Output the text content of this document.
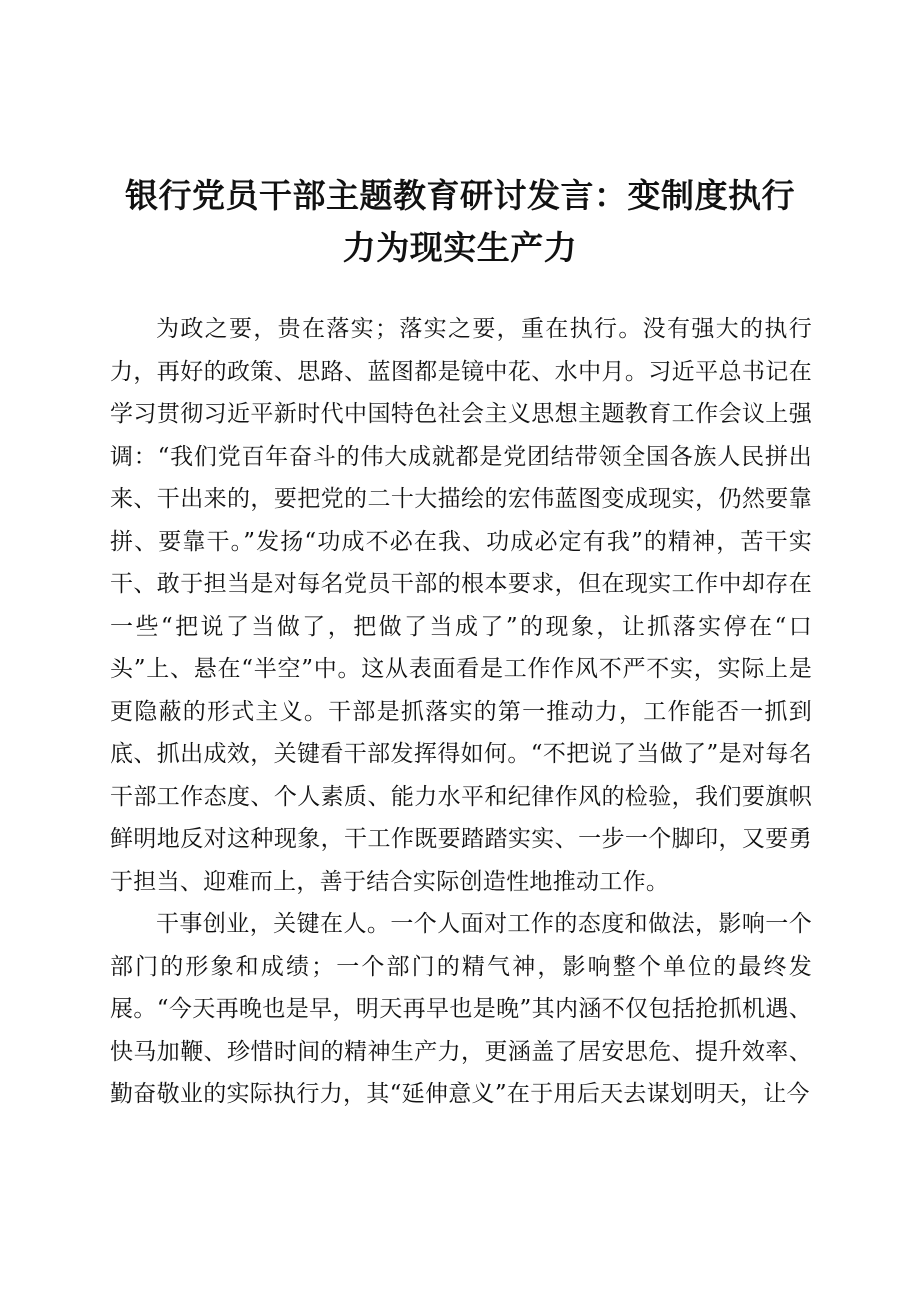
银行党员干部主题教育研讨发言：变制度执行
力为现实生产力

为政之要，贵在落实；落实之要，重在执行。没有强大的执行力，再好的政策、思路、蓝图都是镜中花、水中月。习近平总书记在学习贯彻习近平新时代中国特色社会主义思想主题教育工作会议上强调：“我们党百年奋斗的伟大成就都是党团结带领全国各族人民拼出来、干出来的，要把党的二十大描绘的宏伟蓝图变成现实，仍然要靠拼、要靠干。”发扬“功成不必在我、功成必定有我”的精神，苦干实干、敢于担当是对每名党员干部的根本要求，但在现实工作中却存在一些“把说了当做了，把做了当成了”的现象，让抓落实停在“口头”上、悬在“半空”中。这从表面看是工作作风不严不实，实际上是更隐蔽的形式主义。干部是抓落实的第一推动力，工作能否一抓到底、抓出成效，关键看干部发挥得如何。“不把说了当做了”是对每名干部工作态度、个人素质、能力水平和纪律作风的检验，我们要旗帜鲜明地反对这种现象，干工作既要踏踏实实、一步一个脚印，又要勇于担当、迎难而上，善于结合实际创造性地推动工作。

干事创业，关键在人。一个人面对工作的态度和做法，影响一个部门的形象和成绩；一个部门的精气神，影响整个单位的最终发展。“今天再晚也是早，明天再早也是晚”其内涵不仅包括抢抓机遇、快马加鞭、珍惜时间的精神生产力，更涵盖了居安思危、提升效率、勤奋敬业的实际执行力，其“延伸意义”在于用后天去谋划明天，让今
